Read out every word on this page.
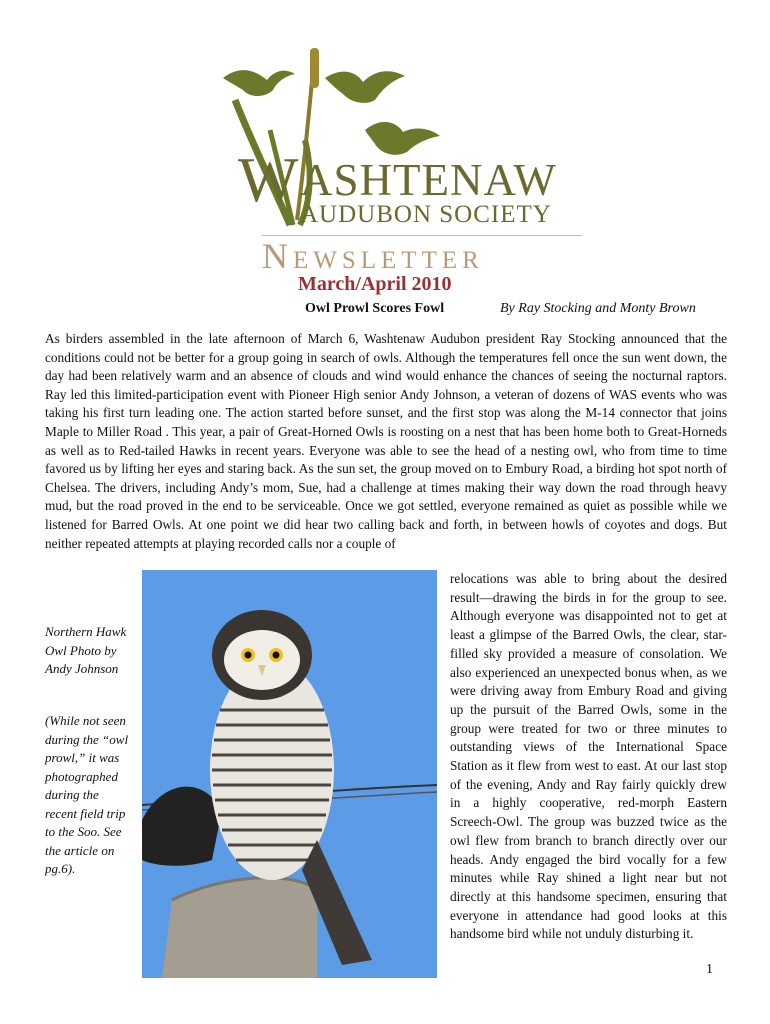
W ASHTENAW
AUDUBON SOCIETY
Newsletter
March/April 2010
Owl Prowl Scores Fowl	By Ray Stocking and Monty Brown

As birders assembled in the late afternoon of March 6, Washtenaw Audubon president Ray Stocking announced that the conditions could not be better for a group going in search of owls. Although the temperatures fell once the sun went down, the day had been relatively warm and an absence of clouds and wind would enhance the chances of seeing the nocturnal raptors. Ray led this limited-participation event with Pioneer High senior Andy Johnson, a veteran of dozens of WAS events who was taking his first turn leading one. The action started before sunset, and the first stop was along the M-14 connector that joins Maple to Miller Road . This year, a pair of Great-Horned Owls is roosting on a nest that has been home both to Great-Horneds as well as to Red-tailed Hawks in recent years. Everyone was able to see the head of a nesting owl, who from time to time favored us by lifting her eyes and staring back. As the sun set, the group moved on to Embury Road, a birding hot spot north of Chelsea. The drivers, including Andy’s mom, Sue, had a challenge at times making their way down the road through heavy mud, but the road proved in the end to be serviceable. Once we got settled, everyone remained as quiet as possible while we listened for Barred Owls. At one point we did hear two calling back and forth, in between howls of coyotes and dogs. But neither repeated attempts at playing recorded calls nor a couple of

Northern Hawk Owl Photo by Andy Johnson

(While not seen during the “owl prowl,” it was photographed during the recent field trip to the Soo. See the article on pg.6).

relocations was able to bring about the desired result—drawing the birds in for the group to see. Although everyone was disappointed not to get at least a glimpse of the Barred Owls, the clear, star-filled sky provided a measure of consolation. We also experienced an unexpected bonus when, as we were driving away from Embury Road and giving up the pursuit of the Barred Owls, some in the group were treated for two or three minutes to outstanding views of the International Space Station as it flew from west to east. At our last stop of the evening, Andy and Ray fairly quickly drew in a highly cooperative, red-morph Eastern Screech-Owl. The group was buzzed twice as the owl flew from branch to branch directly over our heads. Andy engaged the bird vocally for a few minutes while Ray shined a light near but not directly at this handsome specimen, ensuring that everyone in attendance had good looks at this handsome bird while not unduly disturbing it.

1
